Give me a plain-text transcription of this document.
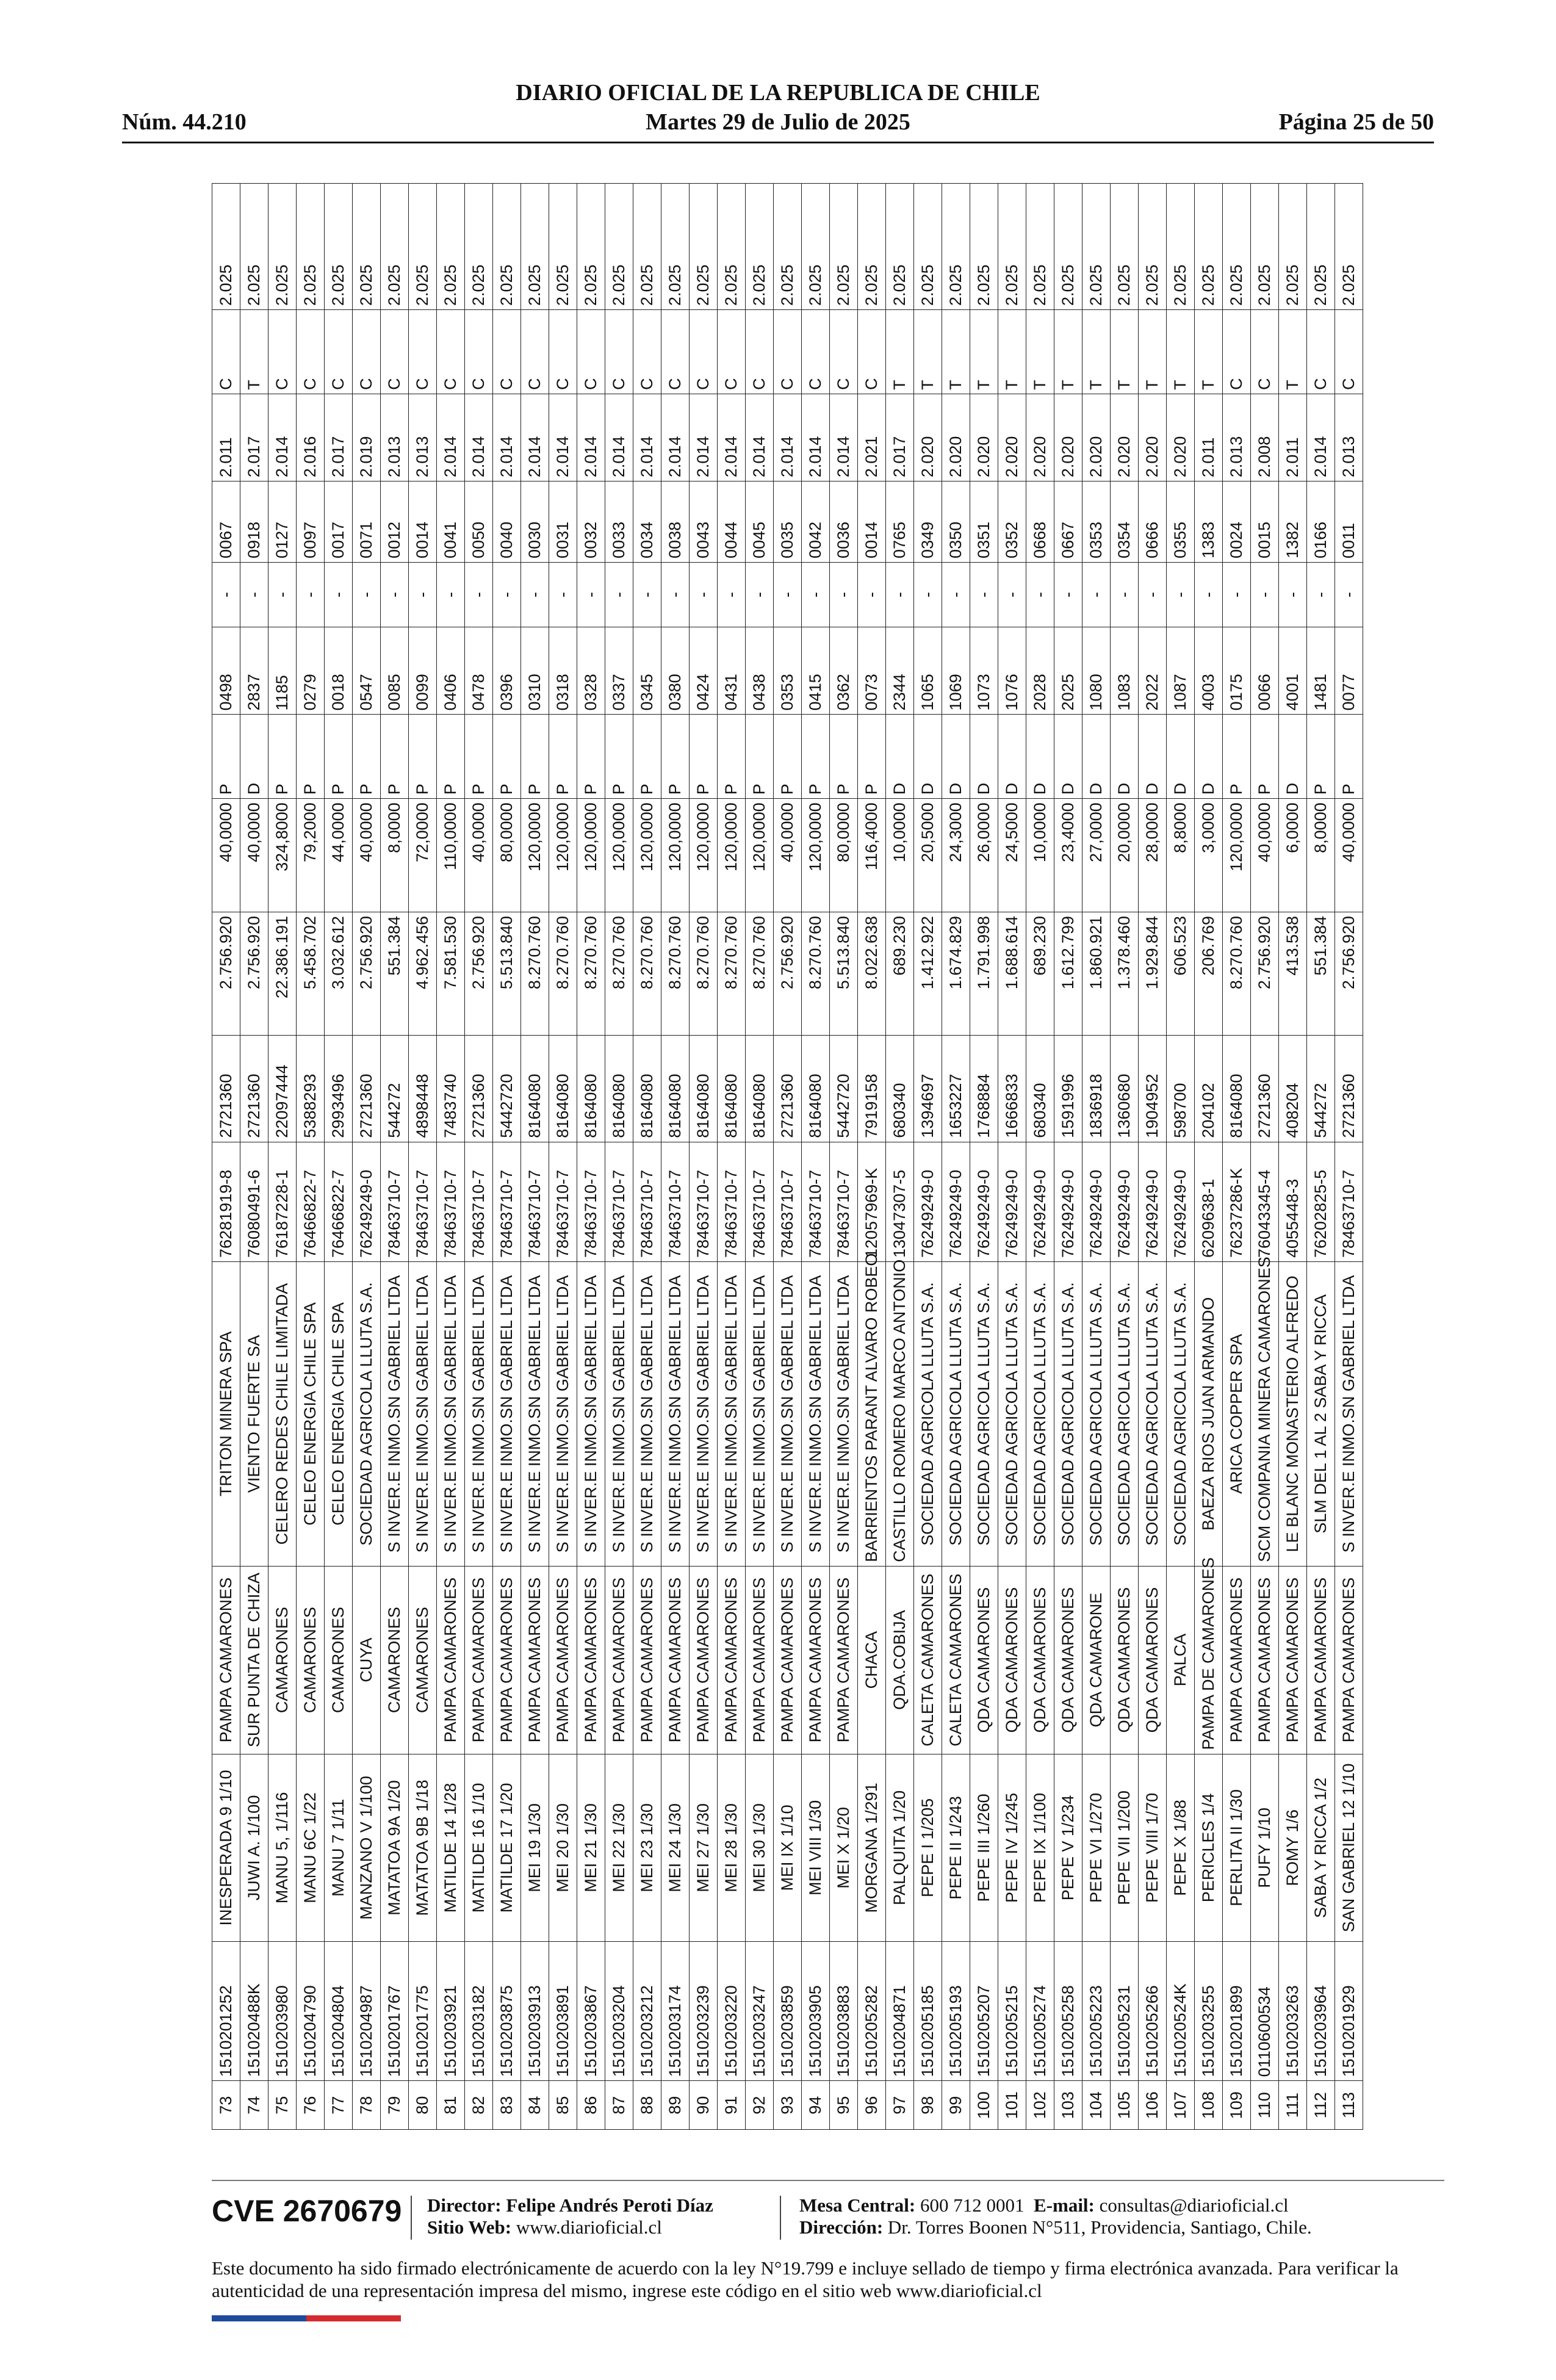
DIARIO OFICIAL DE LA REPUBLICA DE CHILE
Núm. 44.210	Martes 29 de Julio de 2025	Página 25 de 50
73	1510201252	INESPERADA 9 1/10	PAMPA CAMARONES	TRITON MINERA SPA	76281919-8	2721360	2.756.920	40,0000	P	0498	-	0067	2.011	C	2.025
74	151020488K	JUWI A. 1/100	SUR PUNTA DE CHIZA	VIENTO FUERTE SA	76080491-6	2721360	2.756.920	40,0000	D	2837	-	0918	2.017	T	2.025
75	1510203980	MANU 5, 1/116	CAMARONES	CELERO REDES CHILE LIMITADA	76187228-1	22097444	22.386.191	324,8000	P	1185	-	0127	2.014	C	2.025
76	1510204790	MANU 6C 1/22	CAMARONES	CELEO ENERGIA CHILE SPA	76466822-7	5388293	5.458.702	79,2000	P	0279	-	0097	2.016	C	2.025
77	1510204804	MANU 7 1/11	CAMARONES	CELEO ENERGIA CHILE SPA	76466822-7	2993496	3.032.612	44,0000	P	0018	-	0017	2.017	C	2.025
78	1510204987	MANZANO V 1/100	CUYA	SOCIEDAD AGRICOLA LLUTA S.A.	76249249-0	2721360	2.756.920	40,0000	P	0547	-	0071	2.019	C	2.025
79	1510201767	MATATOA 9A 1/20	CAMARONES	S INVER.E INMO.SN GABRIEL LTDA	78463710-7	544272	551.384	8,0000	P	0085	-	0012	2.013	C	2.025
80	1510201775	MATATOA 9B 1/18	CAMARONES	S INVER.E INMO.SN GABRIEL LTDA	78463710-7	4898448	4.962.456	72,0000	P	0099	-	0014	2.013	C	2.025
81	1510203921	MATILDE 14 1/28	PAMPA CAMARONES	S INVER.E INMO.SN GABRIEL LTDA	78463710-7	7483740	7.581.530	110,0000	P	0406	-	0041	2.014	C	2.025
82	1510203182	MATILDE 16 1/10	PAMPA CAMARONES	S INVER.E INMO.SN GABRIEL LTDA	78463710-7	2721360	2.756.920	40,0000	P	0478	-	0050	2.014	C	2.025
83	1510203875	MATILDE 17 1/20	PAMPA CAMARONES	S INVER.E INMO.SN GABRIEL LTDA	78463710-7	5442720	5.513.840	80,0000	P	0396	-	0040	2.014	C	2.025
84	1510203913	MEI 19 1/30	PAMPA CAMARONES	S INVER.E INMO.SN GABRIEL LTDA	78463710-7	8164080	8.270.760	120,0000	P	0310	-	0030	2.014	C	2.025
85	1510203891	MEI 20 1/30	PAMPA CAMARONES	S INVER.E INMO.SN GABRIEL LTDA	78463710-7	8164080	8.270.760	120,0000	P	0318	-	0031	2.014	C	2.025
86	1510203867	MEI 21 1/30	PAMPA CAMARONES	S INVER.E INMO.SN GABRIEL LTDA	78463710-7	8164080	8.270.760	120,0000	P	0328	-	0032	2.014	C	2.025
87	1510203204	MEI 22 1/30	PAMPA CAMARONES	S INVER.E INMO.SN GABRIEL LTDA	78463710-7	8164080	8.270.760	120,0000	P	0337	-	0033	2.014	C	2.025
88	1510203212	MEI 23 1/30	PAMPA CAMARONES	S INVER.E INMO.SN GABRIEL LTDA	78463710-7	8164080	8.270.760	120,0000	P	0345	-	0034	2.014	C	2.025
89	1510203174	MEI 24 1/30	PAMPA CAMARONES	S INVER.E INMO.SN GABRIEL LTDA	78463710-7	8164080	8.270.760	120,0000	P	0380	-	0038	2.014	C	2.025
90	1510203239	MEI 27 1/30	PAMPA CAMARONES	S INVER.E INMO.SN GABRIEL LTDA	78463710-7	8164080	8.270.760	120,0000	P	0424	-	0043	2.014	C	2.025
91	1510203220	MEI 28 1/30	PAMPA CAMARONES	S INVER.E INMO.SN GABRIEL LTDA	78463710-7	8164080	8.270.760	120,0000	P	0431	-	0044	2.014	C	2.025
92	1510203247	MEI 30 1/30	PAMPA CAMARONES	S INVER.E INMO.SN GABRIEL LTDA	78463710-7	8164080	8.270.760	120,0000	P	0438	-	0045	2.014	C	2.025
93	1510203859	MEI IX 1/10	PAMPA CAMARONES	S INVER.E INMO.SN GABRIEL LTDA	78463710-7	2721360	2.756.920	40,0000	P	0353	-	0035	2.014	C	2.025
94	1510203905	MEI VIII 1/30	PAMPA CAMARONES	S INVER.E INMO.SN GABRIEL LTDA	78463710-7	8164080	8.270.760	120,0000	P	0415	-	0042	2.014	C	2.025
95	1510203883	MEI X 1/20	PAMPA CAMARONES	S INVER.E INMO.SN GABRIEL LTDA	78463710-7	5442720	5.513.840	80,0000	P	0362	-	0036	2.014	C	2.025
96	1510205282	MORGANA 1/291	CHACA	BARRIENTOS PARANT ALVARO ROBEO	12057969-K	7919158	8.022.638	116,4000	P	0073	-	0014	2.021	C	2.025
97	1510204871	PALQUITA 1/20	QDA.COBIJA	CASTILLO ROMERO MARCO ANTONIO	13047307-5	680340	689.230	10,0000	D	2344	-	0765	2.017	T	2.025
98	1510205185	PEPE I 1/205	CALETA CAMARONES	SOCIEDAD AGRICOLA LLUTA S.A.	76249249-0	1394697	1.412.922	20,5000	D	1065	-	0349	2.020	T	2.025
99	1510205193	PEPE II 1/243	CALETA CAMARONES	SOCIEDAD AGRICOLA LLUTA S.A.	76249249-0	1653227	1.674.829	24,3000	D	1069	-	0350	2.020	T	2.025
100	1510205207	PEPE III 1/260	QDA CAMARONES	SOCIEDAD AGRICOLA LLUTA S.A.	76249249-0	1768884	1.791.998	26,0000	D	1073	-	0351	2.020	T	2.025
101	1510205215	PEPE IV 1/245	QDA CAMARONES	SOCIEDAD AGRICOLA LLUTA S.A.	76249249-0	1666833	1.688.614	24,5000	D	1076	-	0352	2.020	T	2.025
102	1510205274	PEPE IX 1/100	QDA CAMARONES	SOCIEDAD AGRICOLA LLUTA S.A.	76249249-0	680340	689.230	10,0000	D	2028	-	0668	2.020	T	2.025
103	1510205258	PEPE V 1/234	QDA CAMARONES	SOCIEDAD AGRICOLA LLUTA S.A.	76249249-0	1591996	1.612.799	23,4000	D	2025	-	0667	2.020	T	2.025
104	1510205223	PEPE VI 1/270	QDA CAMARONE	SOCIEDAD AGRICOLA LLUTA S.A.	76249249-0	1836918	1.860.921	27,0000	D	1080	-	0353	2.020	T	2.025
105	1510205231	PEPE VII 1/200	QDA CAMARONES	SOCIEDAD AGRICOLA LLUTA S.A.	76249249-0	1360680	1.378.460	20,0000	D	1083	-	0354	2.020	T	2.025
106	1510205266	PEPE VIII 1/70	QDA CAMARONES	SOCIEDAD AGRICOLA LLUTA S.A.	76249249-0	1904952	1.929.844	28,0000	D	2022	-	0666	2.020	T	2.025
107	151020524K	PEPE X 1/88	PALCA	SOCIEDAD AGRICOLA LLUTA S.A.	76249249-0	598700	606.523	8,8000	D	1087	-	0355	2.020	T	2.025
108	1510203255	PERICLES 1/4	PAMPA DE CAMARONES	BAEZA RIOS JUAN ARMANDO	6209638-1	204102	206.769	3,0000	D	4003	-	1383	2.011	T	2.025
109	1510201899	PERLITA II 1/30	PAMPA CAMARONES	ARICA COPPER SPA	76237286-K	8164080	8.270.760	120,0000	P	0175	-	0024	2.013	C	2.025
110	0110600534	PUFY 1/10	PAMPA CAMARONES	SCM COMPANIA MINERA CAMARONES	76043345-4	2721360	2.756.920	40,0000	P	0066	-	0015	2.008	C	2.025
111	1510203263	ROMY 1/6	PAMPA CAMARONES	LE BLANC MONASTERIO ALFREDO	4055448-3	408204	413.538	6,0000	D	4001	-	1382	2.011	T	2.025
112	1510203964	SABA Y RICCA 1/2	PAMPA CAMARONES	SLM DEL 1 AL 2 SABA Y RICCA	76202825-5	544272	551.384	8,0000	P	1481	-	0166	2.014	C	2.025
113	1510201929	SAN GABRIEL 12 1/10	PAMPA CAMARONES	S INVER.E INMO.SN GABRIEL LTDA	78463710-7	2721360	2.756.920	40,0000	P	0077	-	0011	2.013	C	2.025
CVE 2670679 Director: Felipe Andrés Peroti Díaz
Sitio Web: www.diarioficial.cl
Mesa Central: 600 712 0001 E-mail: consultas@diarioficial.cl
Dirección: Dr. Torres Boonen N°511, Providencia, Santiago, Chile.
Este documento ha sido firmado electrónicamente de acuerdo con la ley N°19.799 e incluye sellado de tiempo y firma electrónica avanzada. Para verificar la autenticidad de una representación impresa del mismo, ingrese este código en el sitio web www.diarioficial.cl
